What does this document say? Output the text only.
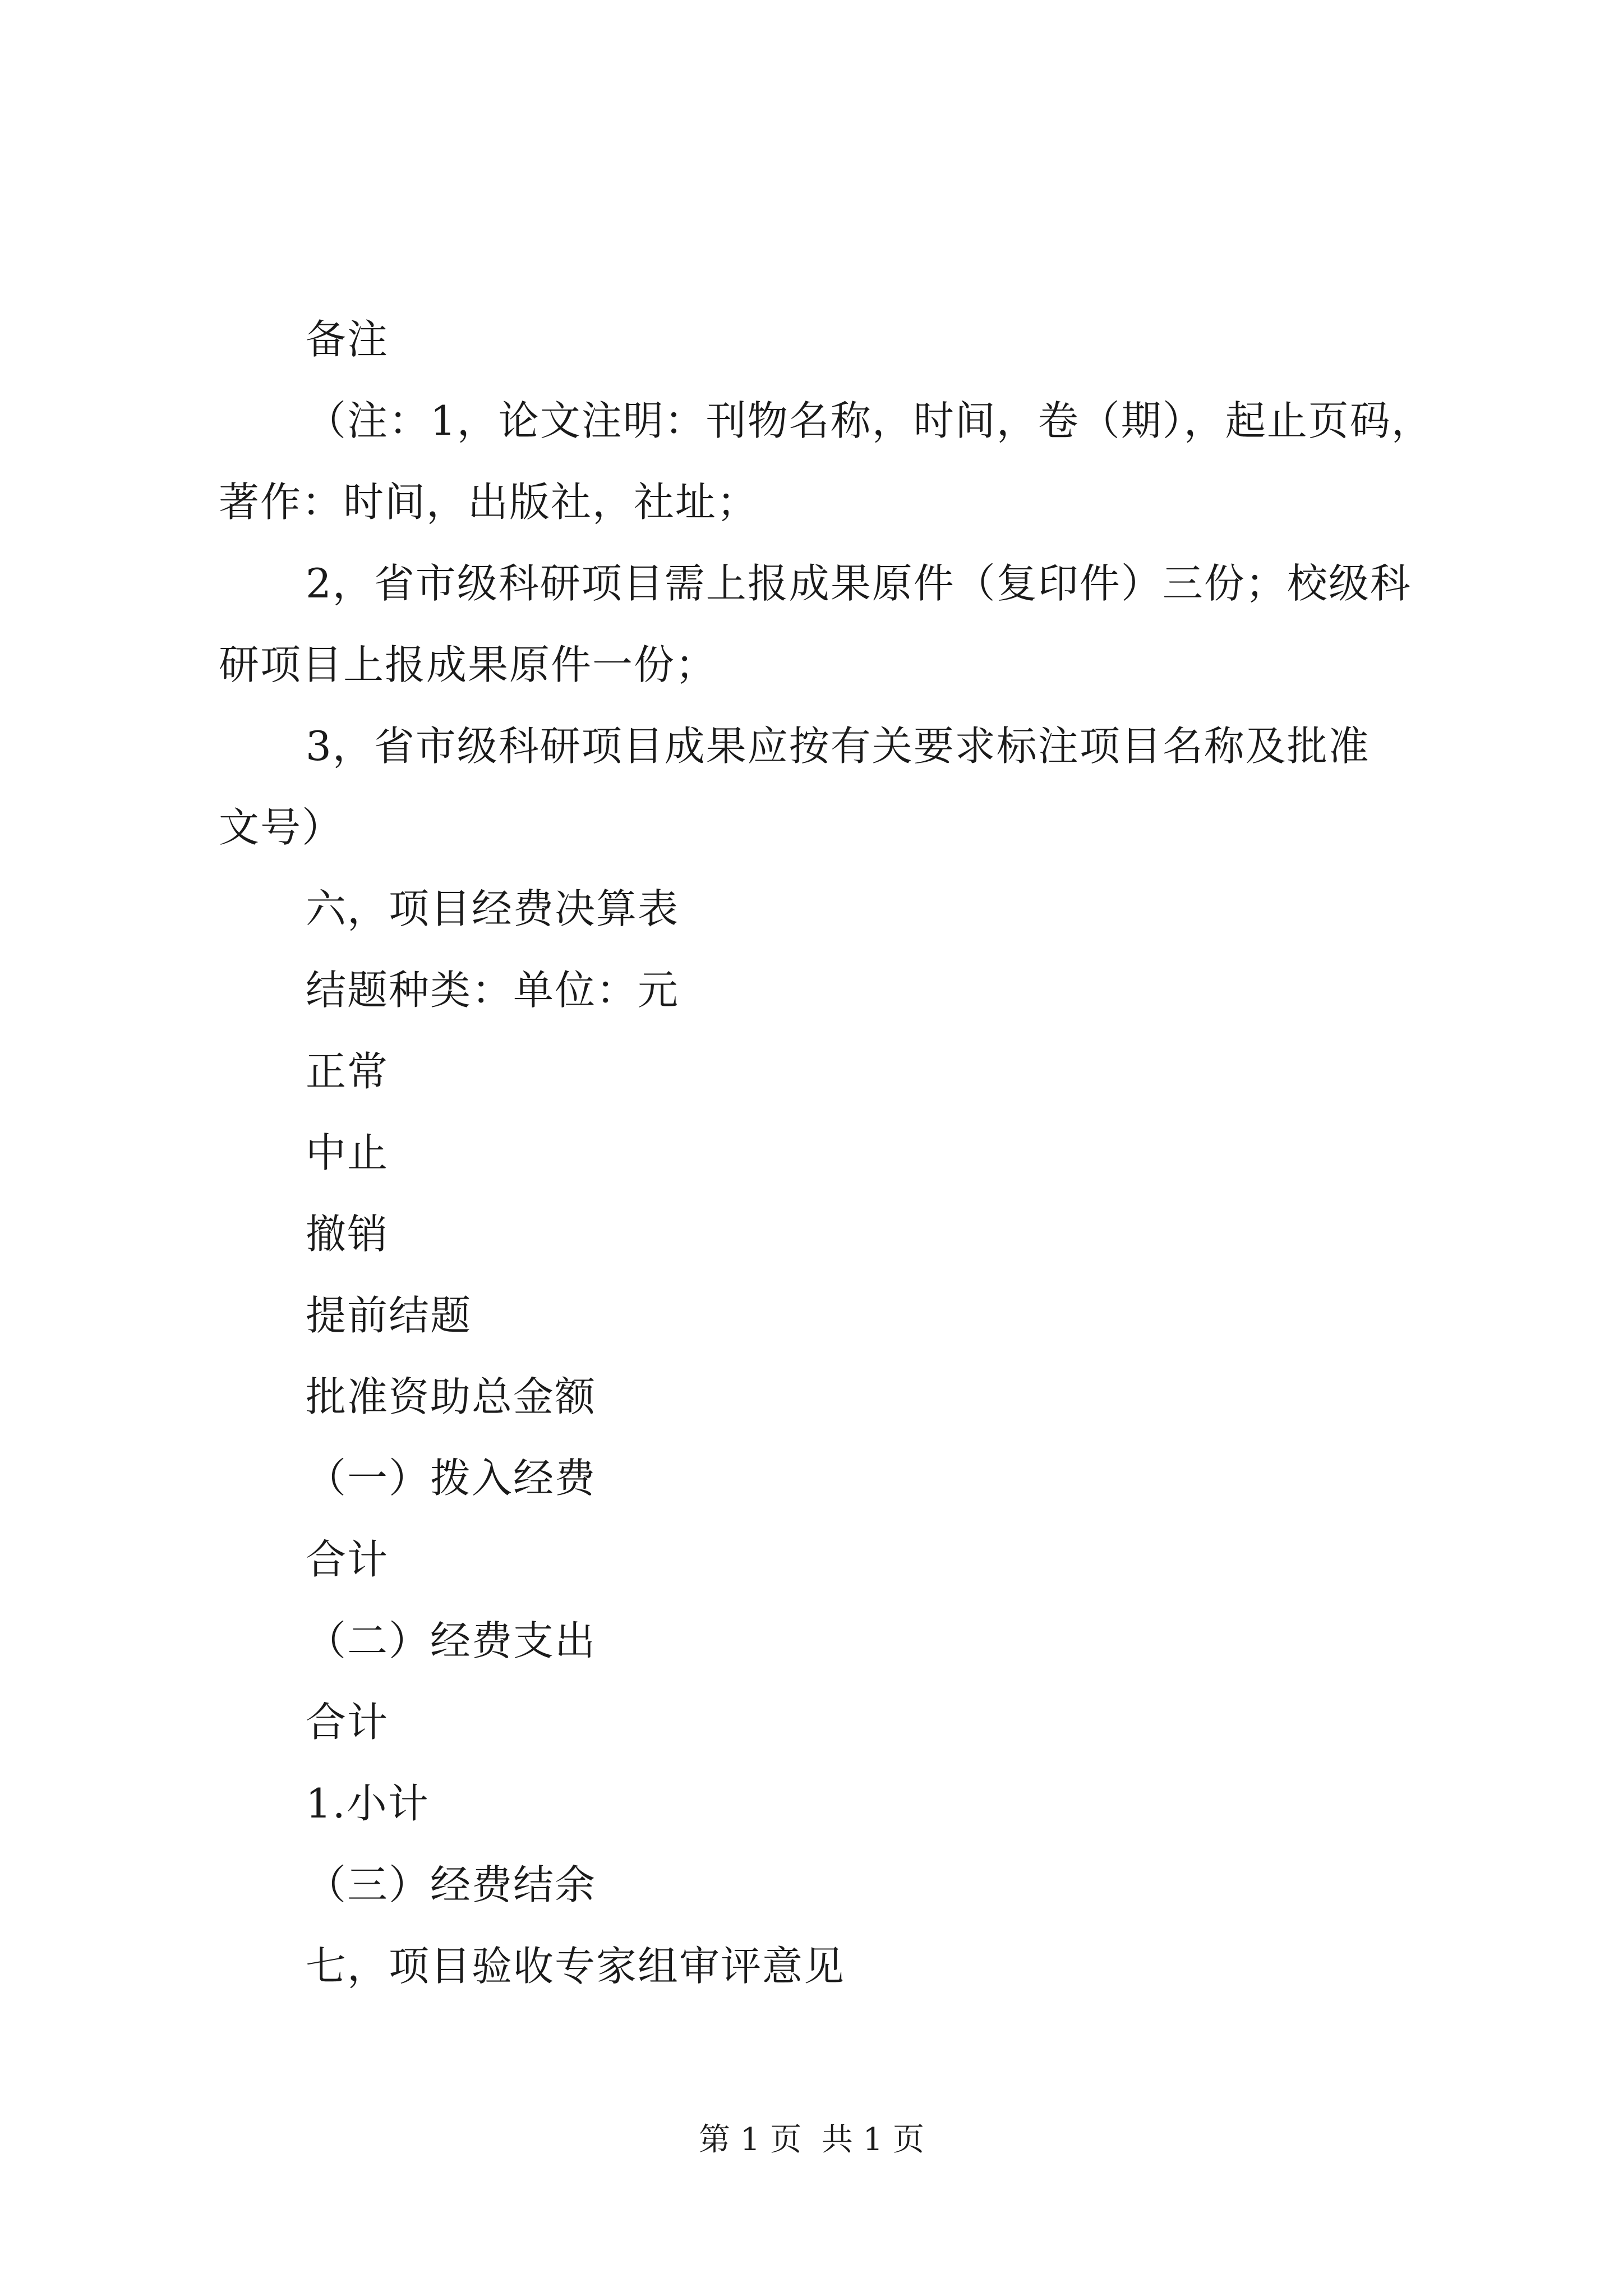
备注
（注：1，论文注明：刊物名称，时间，卷（期），起止页码，
著作：时间，出版社，社址；
2，省市级科研项目需上报成果原件（复印件）三份；校级科
研项目上报成果原件一份；
3，省市级科研项目成果应按有关要求标注项目名称及批准
文号）
六，项目经费决算表
结题种类：单位：元
正常
中止
撤销
提前结题
批准资助总金额
（一）拨入经费
合计
（二）经费支出
合计
1.小计
（三）经费结余
七，项目验收专家组审评意见
第 1 页  共 1 页
